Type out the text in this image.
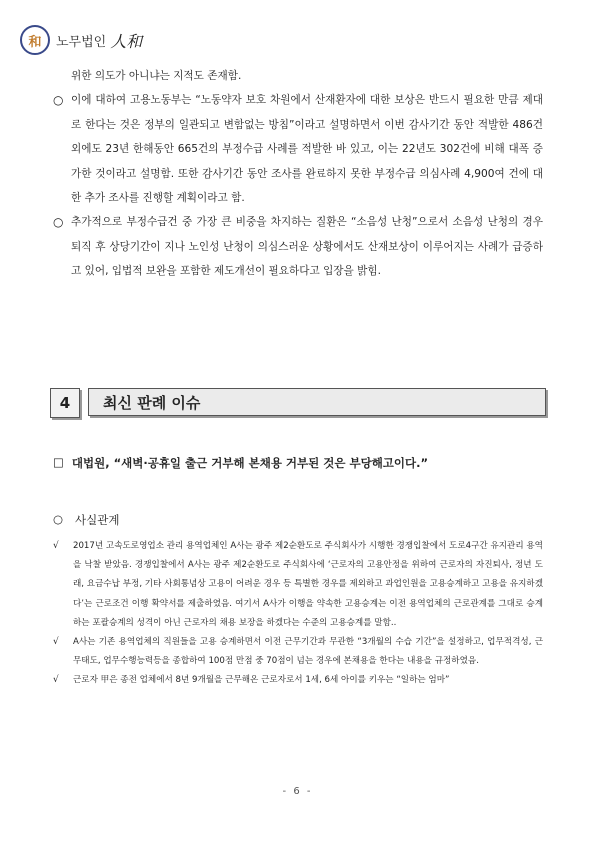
和 노무법인 人和
위한 의도가 아니냐는 지적도 존재함.
○ 이에 대하여 고용노동부는 “노동약자 보호 차원에서 산재환자에 대한 보상은 반드시 필요한 만큼 제대로 한다는 것은 정부의 일관되고 변함없는 방침”이라고 설명하면서 이번 감사기간 동안 적발한 486건 외에도 23년 한해동안 665건의 부정수급 사례를 적발한 바 있고, 이는 22년도 302건에 비해 대폭 증가한 것이라고 설명함. 또한 감사기간 동안 조사를 완료하지 못한 부정수급 의심사례 4,900여 건에 대한 추가 조사를 진행할 계획이라고 함.
○ 추가적으로 부정수급건 중 가장 큰 비중을 차지하는 질환은 “소음성 난청”으로서 소음성 난청의 경우 퇴직 후 상당기간이 지나 노인성 난청이 의심스러운 상황에서도 산재보상이 이루어지는 사례가 급증하고 있어, 입법적 보완을 포함한 제도개선이 필요하다고 입장을 밝힘.
4	최신 판례 이슈
□ 대법원, “새벽·공휴일 출근 거부해 본채용 거부된 것은 부당해고이다.”
○ 사실관계
√	2017년 고속도로영업소 관리 용역업체인 A사는 광주 제2순환도로 주식회사가 시행한 경쟁입찰에서 도로4구간 유지관리 용역을 낙찰 받았음. 경쟁입찰에서 A사는 광주 제2순환도로 주식회사에 ‘근로자의 고용안정을 위하여 근로자의 자진퇴사, 정년 도래, 요금수납 부정, 기타 사회통념상 고용이 어려운 경우 등 특별한 경우를 제외하고 과업인원을 고용승계하고 고용을 유지하겠다’는 근로조건 이행 확약서를 제출하였음. 여기서 A사가 이행을 약속한 고용승계는 이전 용역업체의 근로관계를 그대로 승계하는 포괄승계의 성격이 아닌 근로자의 채용 보장을 하겠다는 수준의 고용승계를 말함..
√	A사는 기존 용역업체의 직원들을 고용 승계하면서 이전 근무기간과 무관한 “3개월의 수습 기간”을 설정하고, 업무적격성, 근무태도, 업무수행능력등을 종합하여 100점 만점 중 70점이 넘는 경우에 본채용을 한다는 내용을 규정하였음.
√	근로자 甲은 종전 업체에서 8년 9개월을 근무해온 근로자로서 1세, 6세 아이를 키우는 “일하는 엄마”
- 6 -
